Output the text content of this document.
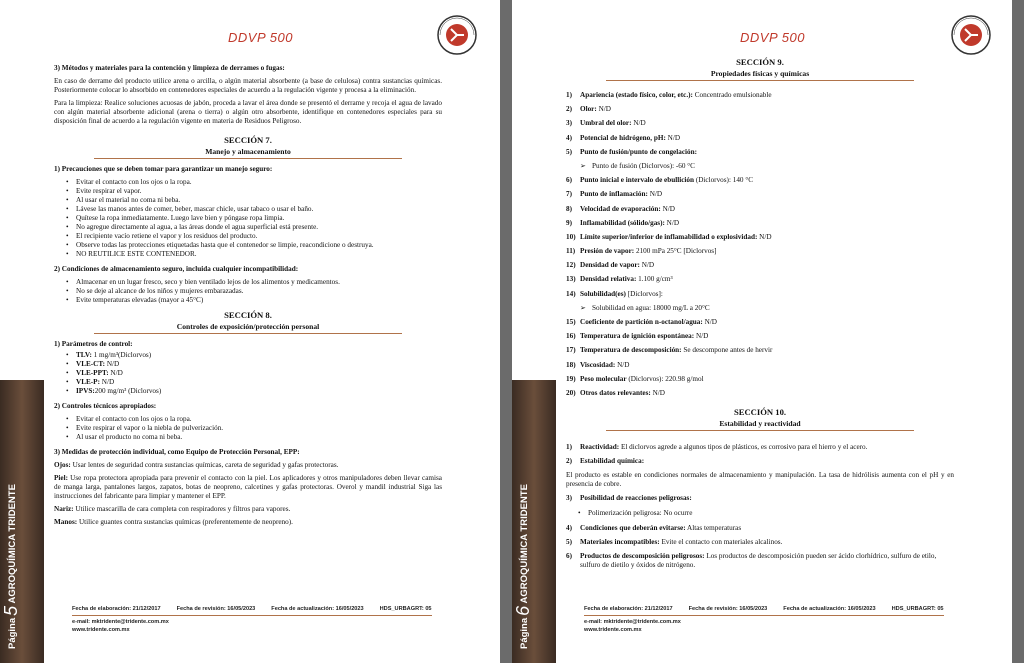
Página5 AGROQUÍMICA TRIDENTE
DDVP 500
3) Métodos y materiales para la contención y limpieza de derrames o fugas:

En caso de derrame del producto utilice arena o arcilla, o algún material absorbente (a base de celulosa) contra sustancias químicas. Posteriormente colocar lo absorbido en contenedores especiales de acuerdo a la regulación vigente y procesa a la eliminación.

Para la limpieza: Realice soluciones acuosas de jabón, proceda a lavar el área donde se presentó el derrame y recoja el agua de lavado con algún material absorbente adicional (arena o tierra) o algún otro absorbente, identifique en contenedores especiales para su disposición final de acuerdo a la regulación vigente en materia de Residuos Peligroso.

SECCIÓN 7.
Manejo y almacenamiento
1) Precauciones que se deben tomar para garantizar un manejo seguro:
• Evitar el contacto con los ojos o la ropa.
• Evite respirar el vapor.
• Al usar el material no coma ni beba.
• Lávese las manos antes de comer, beber, mascar chicle, usar tabaco o usar el baño.
• Quítese la ropa inmediatamente. Luego lave bien y póngase ropa limpia.
• No agregue directamente al agua, a las áreas donde el agua superficial está presente.
• El recipiente vacío retiene el vapor y los residuos del producto.
• Observe todas las protecciones etiquetadas hasta que el contenedor se limpie, reacondicione o destruya.
• NO REUTILICE ESTE CONTENEDOR.
2) Condiciones de almacenamiento seguro, incluida cualquier incompatibilidad:
• Almacenar en un lugar fresco, seco y bien ventilado lejos de los alimentos y medicamentos.
• No se deje al alcance de los niños y mujeres embarazadas.
• Evite temperaturas elevadas (mayor a 45°C)
SECCIÓN 8.
Controles de exposición/protección personal
1) Parámetros de control:
• TLV: 1 mg/m³(Diclorvos)
• VLE-CT: N/D
• VLE-PPT: N/D
• VLE-P: N/D
• IPVS:200 mg/m³ (Diclorvos)
2) Controles técnicos apropiados:
• Evitar el contacto con los ojos o la ropa.
• Evite respirar el vapor o la niebla de pulverización.
• Al usar el producto no coma ni beba.
3) Medidas de protección individual, como Equipo de Protección Personal, EPP:

Ojos: Usar lentes de seguridad contra sustancias químicas, careta de seguridad y gafas protectoras.

Piel: Use ropa protectora apropiada para prevenir el contacto con la piel. Los aplicadores y otros manipuladores deben llevar camisa de manga larga, pantalones largos, zapatos, botas de neopreno, calcetines y gafas protectoras. Overol y mandil industrial Siga las instrucciones del fabricante para limpiar y mantener el EPP.

Nariz: Utilice mascarilla de cara completa con respiradores y filtros para vapores.

Manos: Utilice guantes contra sustancias químicas (preferentemente de neopreno).

Fecha de elaboración: 21/12/2017	Fecha de revisión: 16/05/2023	Fecha de actualización: 16/05/2023	HDS_URBAGRT: 05
e-mail: mktridente@tridente.com.mx
www.tridente.com.mx	Página6 AGROQUÍMICA TRIDENTE
DDVP 500
SECCIÓN 9.
Propiedades físicas y químicas
1) Apariencia (estado físico, color, etc.): Concentrado emulsionable
2) Olor: N/D
3) Umbral del olor: N/D
4) Potencial de hidrógeno, pH: N/D
5) Punto de fusión/punto de congelación:
➢ Punto de fusión (Diclorvos): -60 °C
6) Punto inicial e intervalo de ebullición (Diclorvos): 140 °C
7) Punto de inflamación: N/D
8) Velocidad de evaporación: N/D
9) Inflamabilidad (sólido/gas): N/D
10) Límite superior/inferior de inflamabilidad o explosividad: N/D
11) Presión de vapor: 2100 mPa 25°C [Diclorvos]
12) Densidad de vapor: N/D
13) Densidad relativa: 1.100 g/cm³
14) Solubilidad(es) [Diclorvos]:
➢ Solubilidad en agua: 18000 mg/L a 20°C
15) Coeficiente de partición n-octanol/agua: N/D
16) Temperatura de ignición espontánea: N/D
17) Temperatura de descomposición: Se descompone antes de hervir
18) Viscosidad: N/D
19) Peso molecular (Diclorvos): 220.98 g/mol
20) Otros datos relevantes: N/D
SECCIÓN 10.
Estabilidad y reactividad
1) Reactividad: El diclorvos agrede a algunos tipos de plásticos, es corrosivo para el hierro y el acero.
2) Estabilidad química:

El producto es estable en condiciones normales de almacenamiento y manipulación. La tasa de hidrólisis aumenta con el pH y en presencia de cobre.

3) Posibilidad de reacciones peligrosas:
• Polimerización peligrosa: No ocurre
4) Condiciones que deberán evitarse: Altas temperaturas
5) Materiales incompatibles: Evite el contacto con materiales alcalinos.
6) Productos de descomposición peligrosos: Los productos de descomposición pueden ser ácido clorhídrico, sulfuro de etilo, sulfuro de dietilo y óxidos de nitrógeno.
Fecha de elaboración: 21/12/2017	Fecha de revisión: 16/05/2023	Fecha de actualización: 16/05/2023	HDS_URBAGRT: 05
e-mail: mktridente@tridente.com.mx
www.tridente.com.mx
